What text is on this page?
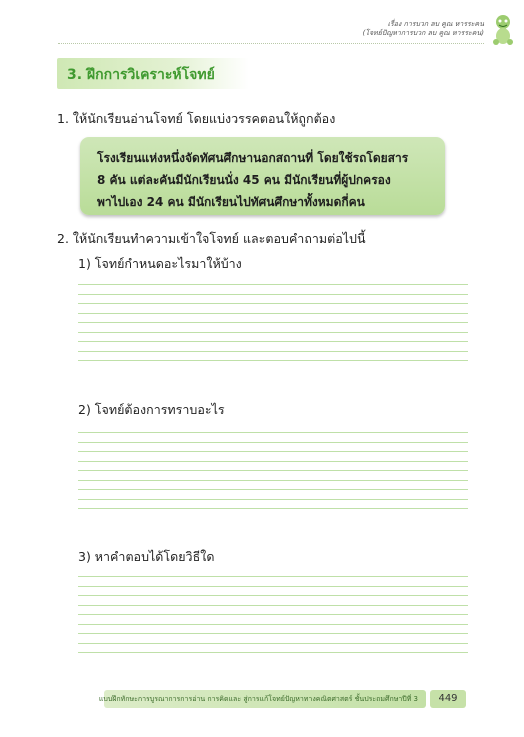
เรื่อง การบวก ลบ คูณ หารระคน
(โจทย์ปัญหาการบวก ลบ คูณ หารระคน)
3. ฝึกการวิเคราะห์โจทย์
1. ให้นักเรียนอ่านโจทย์ โดยแบ่งวรรคตอนให้ถูกต้อง
โรงเรียนแห่งหนึ่งจัดทัศนศึกษานอกสถานที่ โดยใช้รถโดยสาร
8 คัน แต่ละคันมีนักเรียนนั่ง 45 คน มีนักเรียนที่ผู้ปกครอง
พาไปเอง 24 คน มีนักเรียนไปทัศนศึกษาทั้งหมดกี่คน
2. ให้นักเรียนทำความเข้าใจโจทย์ และตอบคำถามต่อไปนี้
1) โจทย์กำหนดอะไรมาให้บ้าง
2) โจทย์ต้องการทราบอะไร
3) หาคำตอบได้โดยวิธีใด
แบบฝึกทักษะการบูรณาการการอ่าน การคิดและ สู่การแก้โจทย์ปัญหาทางคณิตศาสตร์ ชั้นประถมศึกษาปีที่ 3	449
